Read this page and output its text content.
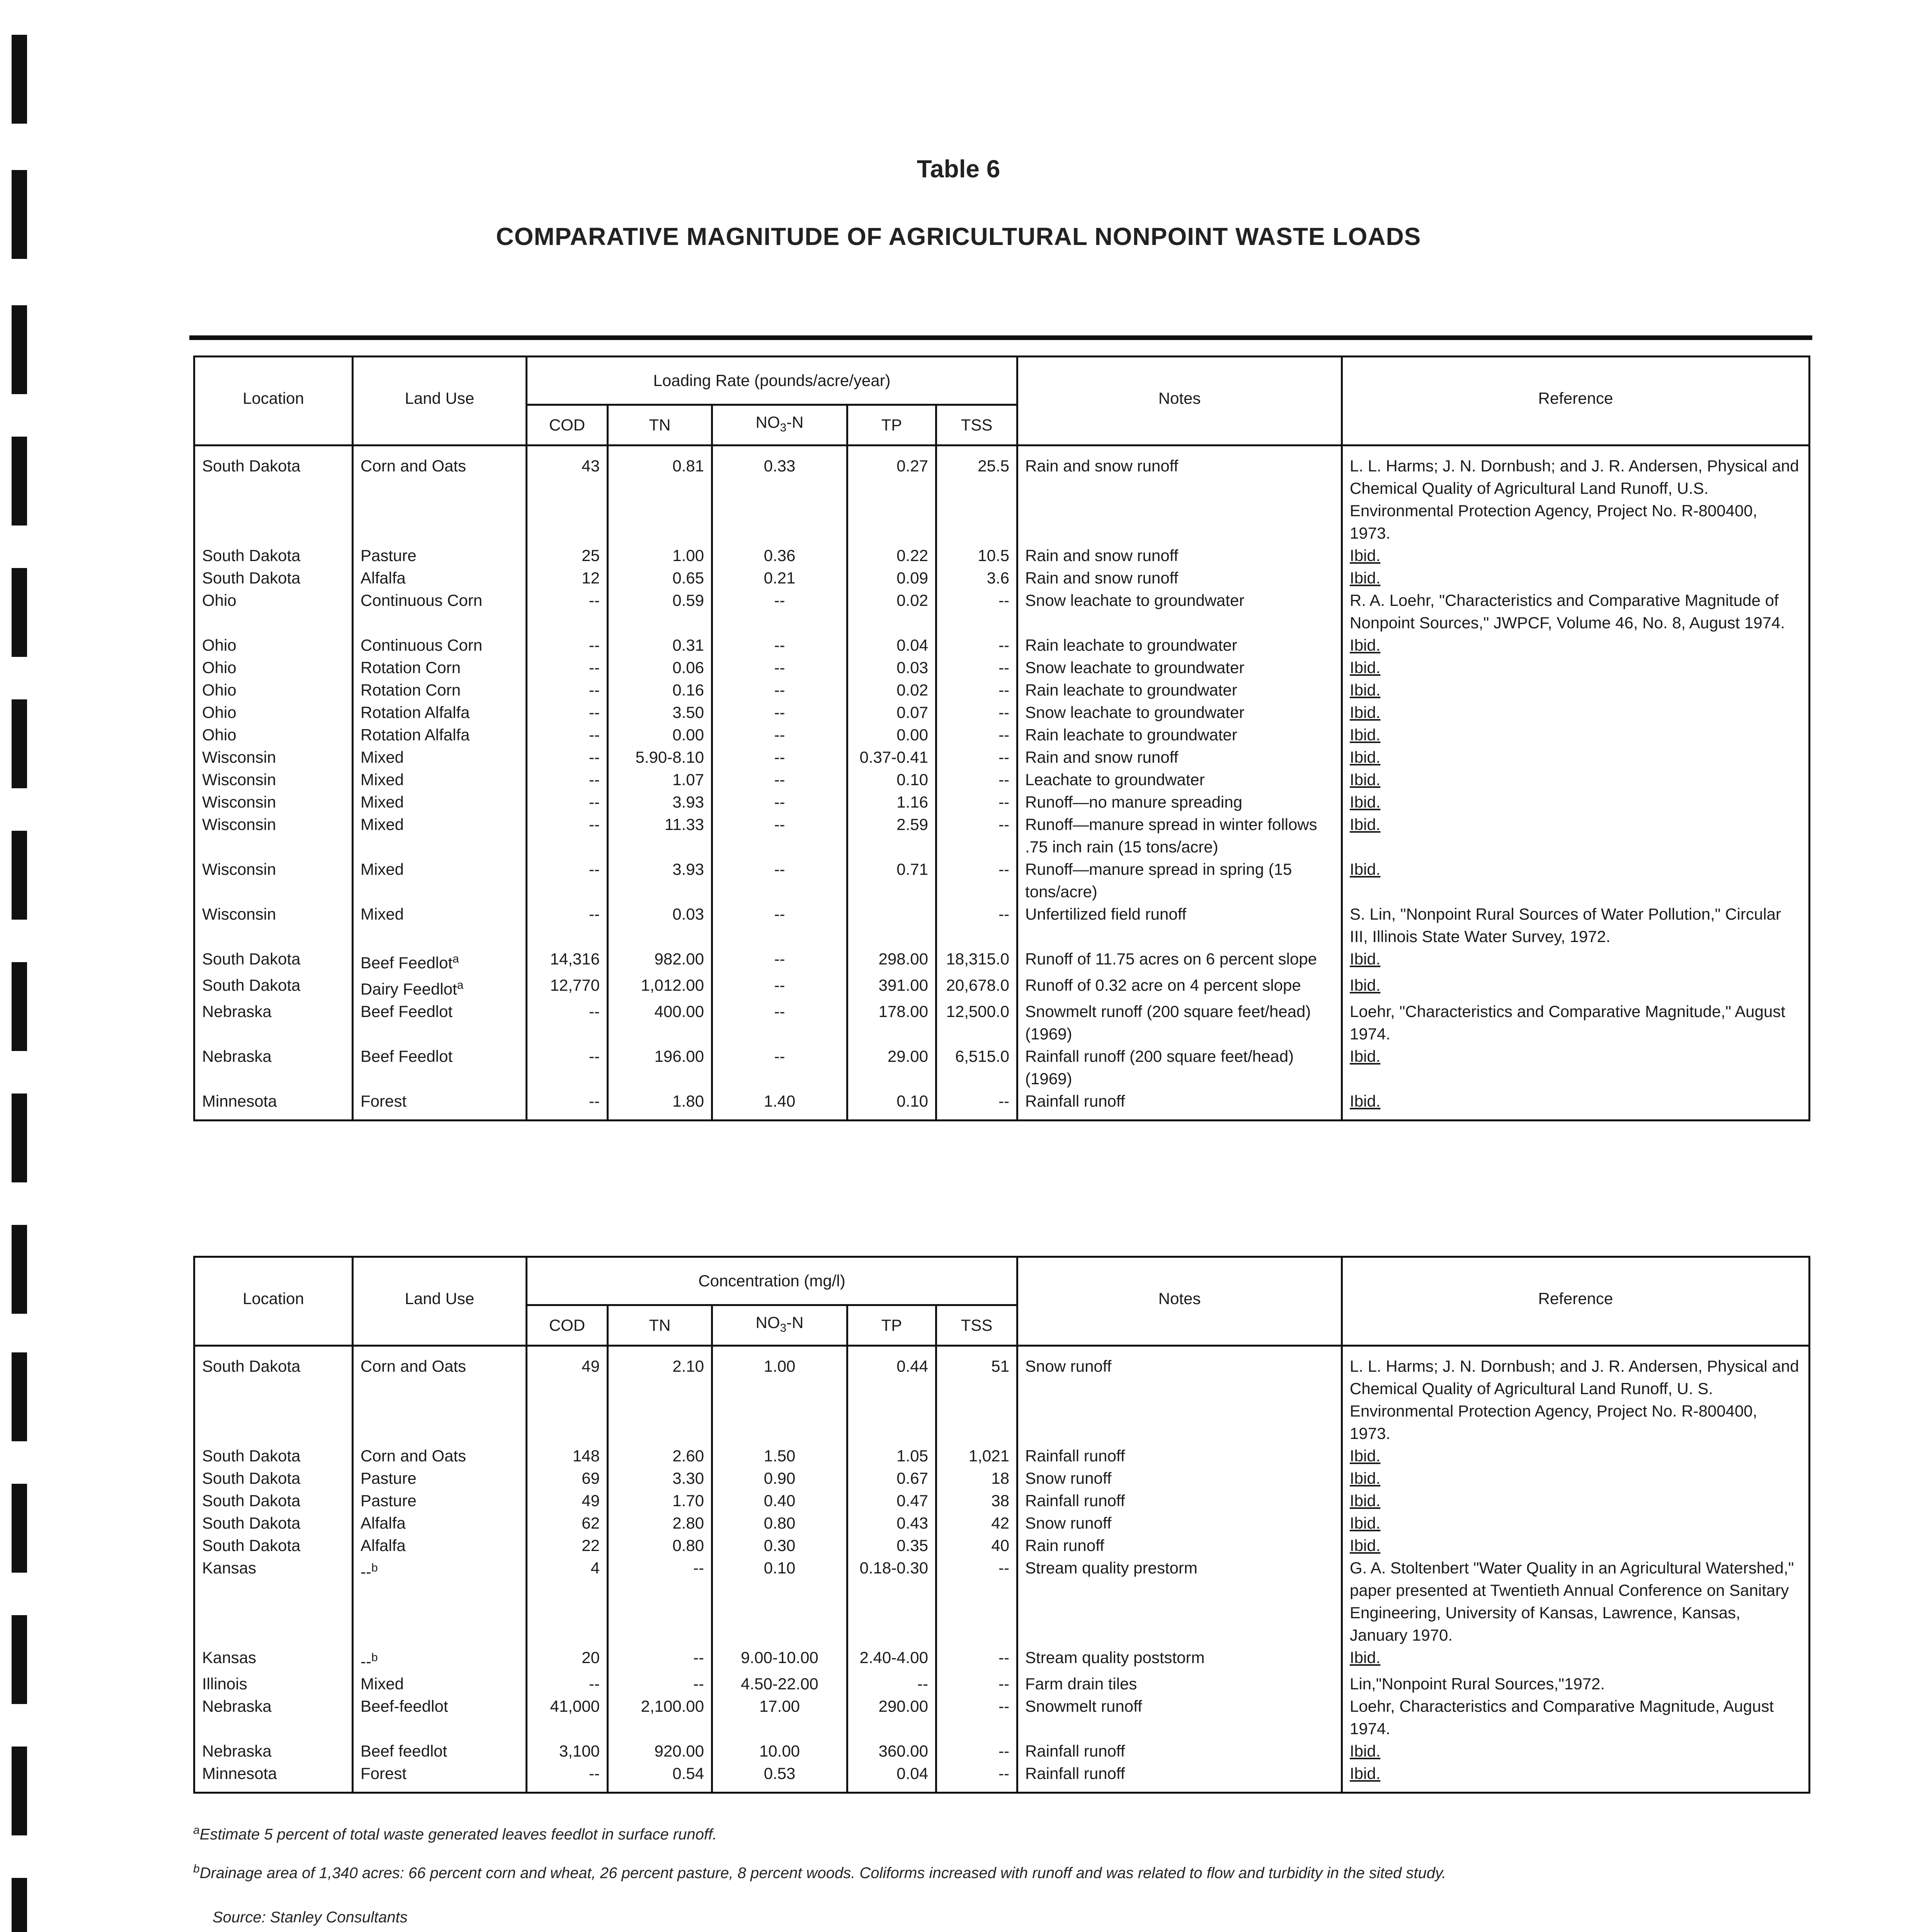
Table 6
COMPARATIVE MAGNITUDE OF AGRICULTURAL NONPOINT WASTE LOADS
Location	Land Use	Loading Rate (pounds/acre/year)					Notes	Reference
		COD	TN	$NO_3-N$	TP	TSS		
South Dakota	Corn and Oats	43	0.81	0.33	0.27	25.5	Rain and snow runoff	L. L. Harms; J. N. Dornbush; and J. R. Andersen, Physical and Chemical Quality of Agricultural Land Runoff, U.S. Environmental Protection Agency, Project No. R-800400, 1973.
South Dakota	Pasture	25	1.00	0.36	0.22	10.5	Rain and snow runoff	Ibid.
South Dakota	Alfalfa	12	0.65	0.21	0.09	3.6	Rain and snow runoff	Ibid.
Ohio	Continuous Corn	--	0.59	--	0.02	--	Snow leachate to groundwater	R. A. Loehr, "Characteristics and Comparative Magnitude of Nonpoint Sources," JWPCF, Volume 46, No. 8, August 1974.
Ohio	Continuous Corn	--	0.31	--	0.04	--	Rain leachate to groundwater	Ibid.
Ohio	Rotation Corn	--	0.06	--	0.03	--	Snow leachate to groundwater	Ibid.
Ohio	Rotation Corn	--	0.16	--	0.02	--	Rain leachate to groundwater	Ibid.
Ohio	Rotation Alfalfa	--	3.50	--	0.07	--	Snow leachate to groundwater	Ibid.
Ohio	Rotation Alfalfa	--	0.00	--	0.00	--	Rain leachate to groundwater	Ibid.
Wisconsin	Mixed	--	5.90-8.10	--	0.37-0.41	--	Rain and snow runoff	Ibid.
Wisconsin	Mixed	--	1.07	--	0.10	--	Leachate to groundwater	Ibid.
Wisconsin	Mixed	--	3.93	--	1.16	--	Runoff—no manure spreading	Ibid.
Wisconsin	Mixed	--	11.33	--	2.59	--	Runoff—manure spread in winter follows .75 inch rain (15 tons/acre)	Ibid.
Wisconsin	Mixed	--	3.93	--	0.71	--	Runoff—manure spread in spring (15 tons/acre)	Ibid.
Wisconsin	Mixed	--	0.03	--		--	Unfertilized field runoff	S. Lin, "Nonpoint Rural Sources of Water Pollution," Circular III, Illinois State Water Survey, 1972.
South Dakota	Beef Feedlot$^a$	14,316	982.00	--	298.00	18,315.0	Runoff of 11.75 acres on 6 percent slope	Ibid.
South Dakota	Dairy Feedlot$^a$	12,770	1,012.00	--	391.00	20,678.0	Runoff of 0.32 acre on 4 percent slope	Ibid.
Nebraska	Beef Feedlot	--	400.00	--	178.00	12,500.0	Snowmelt runoff (200 square feet/head) (1969)	Loehr, "Characteristics and Comparative Magnitude," August 1974.
Nebraska	Beef Feedlot	--	196.00	--	29.00	6,515.0	Rainfall runoff (200 square feet/head) (1969)	Ibid.
Minnesota	Forest	--	1.80	1.40	0.10	--	Rainfall runoff	Ibid.
Location	Land Use	Concentration (mg/l)					Notes	Reference
		COD	TN	$NO_3-N$	TP	TSS		
South Dakota	Corn and Oats	49	2.10	1.00	0.44	51	Snow runoff	L. L. Harms; J. N. Dornbush; and J. R. Andersen, Physical and Chemical Quality of Agricultural Land Runoff, U. S. Environmental Protection Agency, Project No. R-800400, 1973.
South Dakota	Corn and Oats	148	2.60	1.50	1.05	1,021	Rainfall runoff	Ibid.
South Dakota	Pasture	69	3.30	0.90	0.67	18	Snow runoff	Ibid.
South Dakota	Pasture	49	1.70	0.40	0.47	38	Rainfall runoff	Ibid.
South Dakota	Alfalfa	62	2.80	0.80	0.43	42	Snow runoff	Ibid.
South Dakota	Alfalfa	22	0.80	0.30	0.35	40	Rain runoff	Ibid.
Kansas	--$^b$	4	--	0.10	0.18-0.30	--	Stream quality prestorm	G. A. Stoltenbert "Water Quality in an Agricultural Watershed," paper presented at Twentieth Annual Conference on Sanitary Engineering, University of Kansas, Lawrence, Kansas, January 1970.
Kansas	--$^b$	20	--	9.00-10.00	2.40-4.00	--	Stream quality poststorm	Ibid.
Illinois	Mixed	--	--	4.50-22.00	--	--	Farm drain tiles	Lin,"Nonpoint Rural Sources,"1972.
Nebraska	Beef-feedlot	41,000	2,100.00	17.00	290.00	--	Snowmelt runoff	Loehr, Characteristics and Comparative Magnitude, August 1974.
Nebraska	Beef feedlot	3,100	920.00	10.00	360.00	--	Rainfall runoff	Ibid.
Minnesota	Forest	--	0.54	0.53	0.04	--	Rainfall runoff	Ibid.
$^a$Estimate 5 percent of total waste generated leaves feedlot in surface runoff.
$^b$Drainage area of 1,340 acres: 66 percent corn and wheat, 26 percent pasture, 8 percent woods. Coliforms increased with runoff and was related to flow and turbidity in the sited study.
Source: Stanley Consultants
